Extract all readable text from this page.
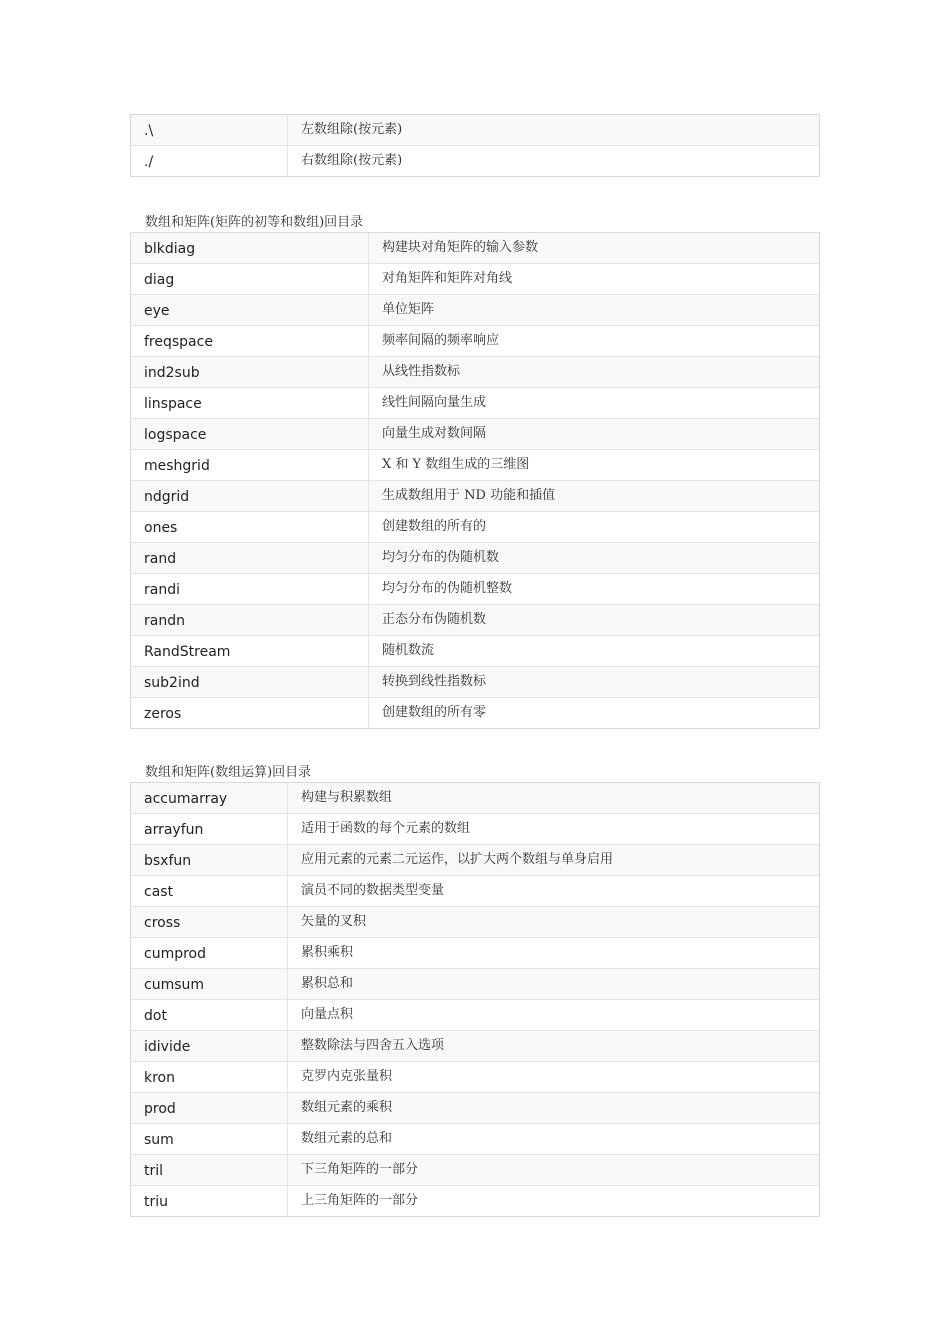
.\	左数组除(按元素)
./	右数组除(按元素)
数组和矩阵(矩阵的初等和数组)回目录
blkdiag	构建块对角矩阵的输入参数
diag	对角矩阵和矩阵对角线
eye	单位矩阵
freqspace	频率间隔的频率响应
ind2sub	从线性指数标
linspace	线性间隔向量生成
logspace	向量生成对数间隔
meshgrid	X 和 Y 数组生成的三维图
ndgrid	生成数组用于 ND 功能和插值
ones	创建数组的所有的
rand	均匀分布的伪随机数
randi	均匀分布的伪随机整数
randn	正态分布伪随机数
RandStream	随机数流
sub2ind	转换到线性指数标
zeros	创建数组的所有零
数组和矩阵(数组运算)回目录
accumarray	构建与积累数组
arrayfun	适用于函数的每个元素的数组
bsxfun	应用元素的元素二元运作，以扩大两个数组与单身启用
cast	演员不同的数据类型变量
cross	矢量的叉积
cumprod	累积乘积
cumsum	累积总和
dot	向量点积
idivide	整数除法与四舍五入选项
kron	克罗内克张量积
prod	数组元素的乘积
sum	数组元素的总和
tril	下三角矩阵的一部分
triu	上三角矩阵的一部分
